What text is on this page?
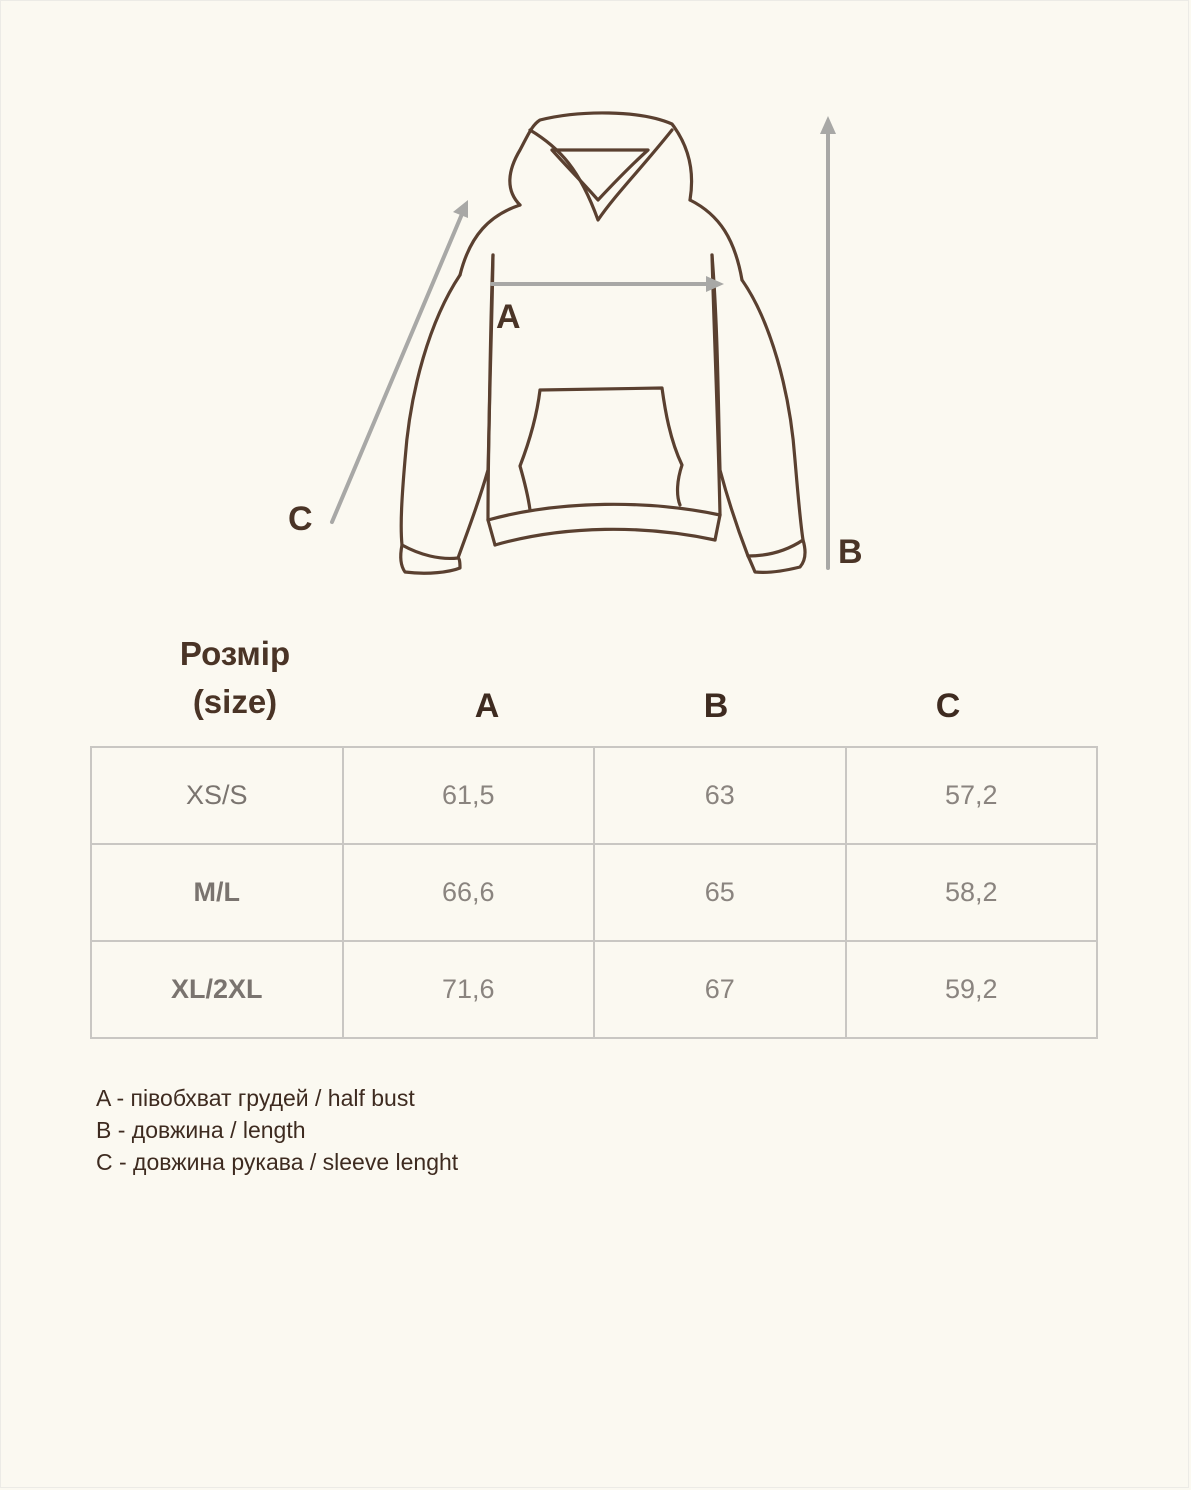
A
B
C
Розмір
(size)	A	B	C
XS/S	61,5	63	57,2
M/L	66,6	65	58,2
XL/2XL	71,6	67	59,2
A - півобхват грудей / half bust
B - довжина / length
C - довжина рукава / sleeve lenght
